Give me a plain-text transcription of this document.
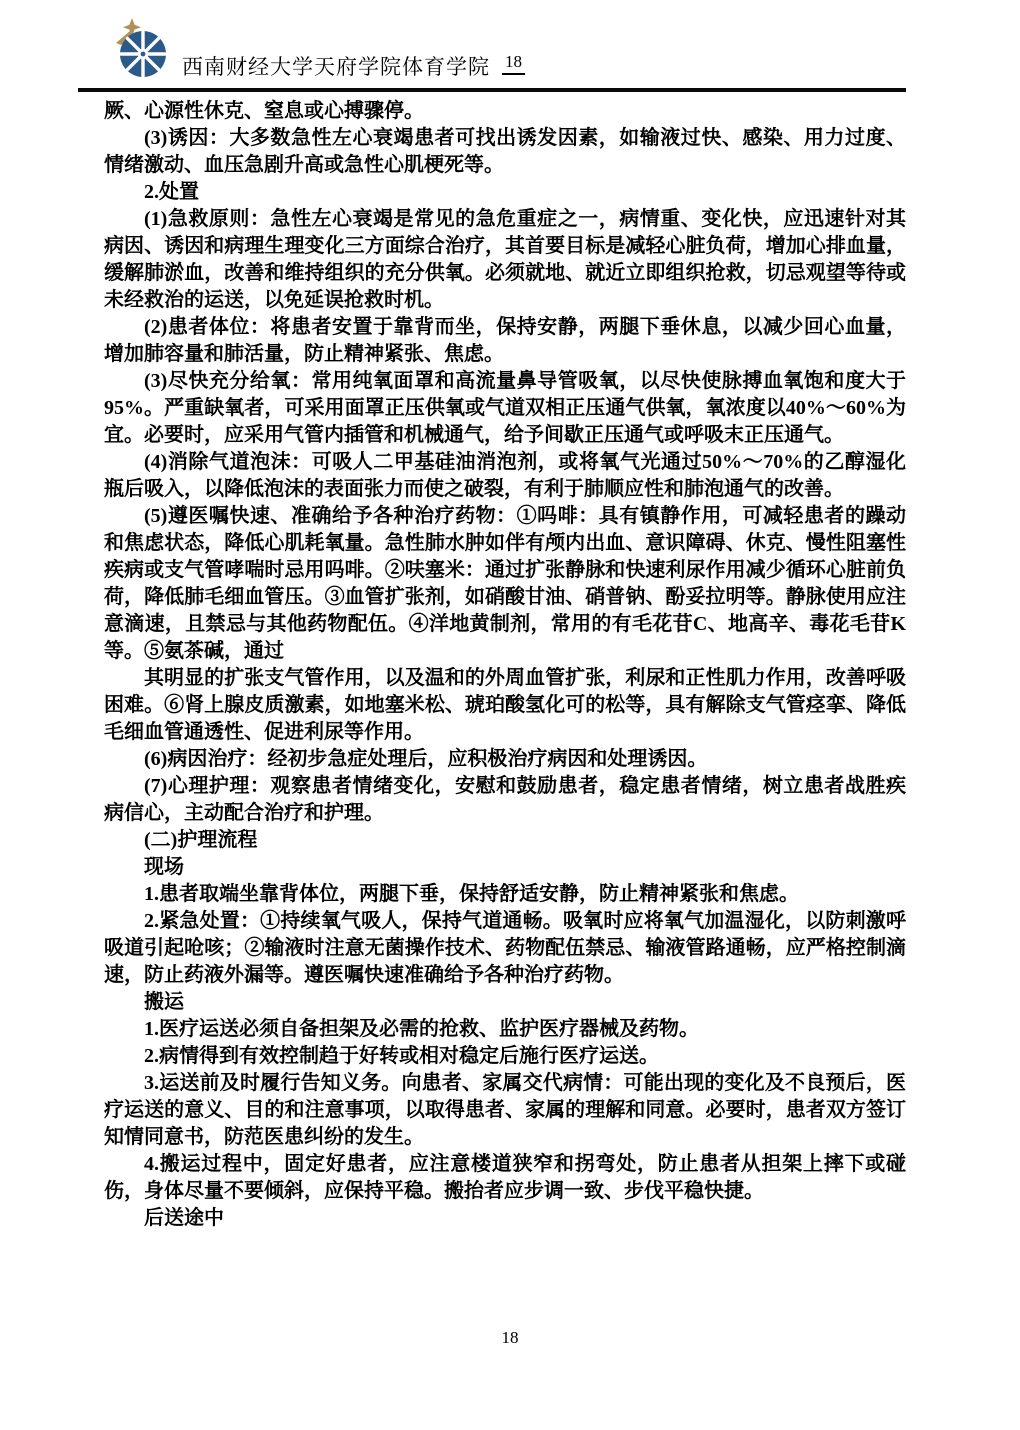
西南财经大学天府学院体育学院 18

厥、心源性休克、窒息或心搏骤停。

(3)诱因：大多数急性左心衰竭患者可找出诱发因素，如输液过快、感染、用力过度、情绪激动、血压急剧升高或急性心肌梗死等。

2.处置

(1)急救原则：急性左心衰竭是常见的急危重症之一，病情重、变化快，应迅速针对其病因、诱因和病理生理变化三方面综合治疗，其首要目标是减轻心脏负荷，增加心排血量，缓解肺淤血，改善和维持组织的充分供氧。必须就地、就近立即组织抢救，切忌观望等待或未经救治的运送，以免延误抢救时机。

(2)患者体位：将患者安置于靠背而坐，保持安静，两腿下垂休息，以减少回心血量，增加肺容量和肺活量，防止精神紧张、焦虑。

(3)尽快充分给氧：常用纯氧面罩和高流量鼻导管吸氧，以尽快使脉搏血氧饱和度大于95%。严重缺氧者，可采用面罩正压供氧或气道双相正压通气供氧，氧浓度以40%～60%为宜。必要时，应采用气管内插管和机械通气，给予间歇正压通气或呼吸末正压通气。

(4)消除气道泡沫：可吸人二甲基硅油消泡剂，或将氧气光通过50%～70%的乙醇湿化瓶后吸入，以降低泡沫的表面张力而使之破裂，有利于肺顺应性和肺泡通气的改善。

(5)遵医嘱快速、准确给予各种治疗药物：①吗啡：具有镇静作用，可减轻患者的躁动和焦虑状态，降低心肌耗氧量。急性肺水肿如伴有颅内出血、意识障碍、休克、慢性阻塞性疾病或支气管哮喘时忌用吗啡。②呋塞米：通过扩张静脉和快速利尿作用减少循环心脏前负荷，降低肺毛细血管压。③血管扩张剂，如硝酸甘油、硝普钠、酚妥拉明等。静脉使用应注意滴速，且禁忌与其他药物配伍。④洋地黄制剂，常用的有毛花苷C、地高辛、毒花毛苷K等。⑤氨茶碱，通过

其明显的扩张支气管作用，以及温和的外周血管扩张，利尿和正性肌力作用，改善呼吸困难。⑥肾上腺皮质激素，如地塞米松、琥珀酸氢化可的松等，具有解除支气管痉挛、降低毛细血管通透性、促进利尿等作用。

(6)病因治疗：经初步急症处理后，应积极治疗病因和处理诱因。

(7)心理护理：观察患者情绪变化，安慰和鼓励患者，稳定患者情绪，树立患者战胜疾病信心，主动配合治疗和护理。

(二)护理流程

现场

1.患者取端坐靠背体位，两腿下垂，保持舒适安静，防止精神紧张和焦虑。

2.紧急处置：①持续氧气吸人，保持气道通畅。吸氧时应将氧气加温湿化，以防刺激呼吸道引起呛咳；②输液时注意无菌操作技术、药物配伍禁忌、输液管路通畅，应严格控制滴速，防止药液外漏等。遵医嘱快速准确给予各种治疗药物。

搬运

1.医疗运送必须自备担架及必需的抢救、监护医疗器械及药物。

2.病情得到有效控制趋于好转或相对稳定后施行医疗运送。

3.运送前及时履行告知义务。向患者、家属交代病情：可能出现的变化及不良预后，医疗运送的意义、目的和注意事项，以取得患者、家属的理解和同意。必要时，患者双方签订知情同意书，防范医患纠纷的发生。

4.搬运过程中，固定好患者，应注意楼道狭窄和拐弯处，防止患者从担架上摔下或碰伤，身体尽量不要倾斜，应保持平稳。搬抬者应步调一致、步伐平稳快捷。

后送途中

18
